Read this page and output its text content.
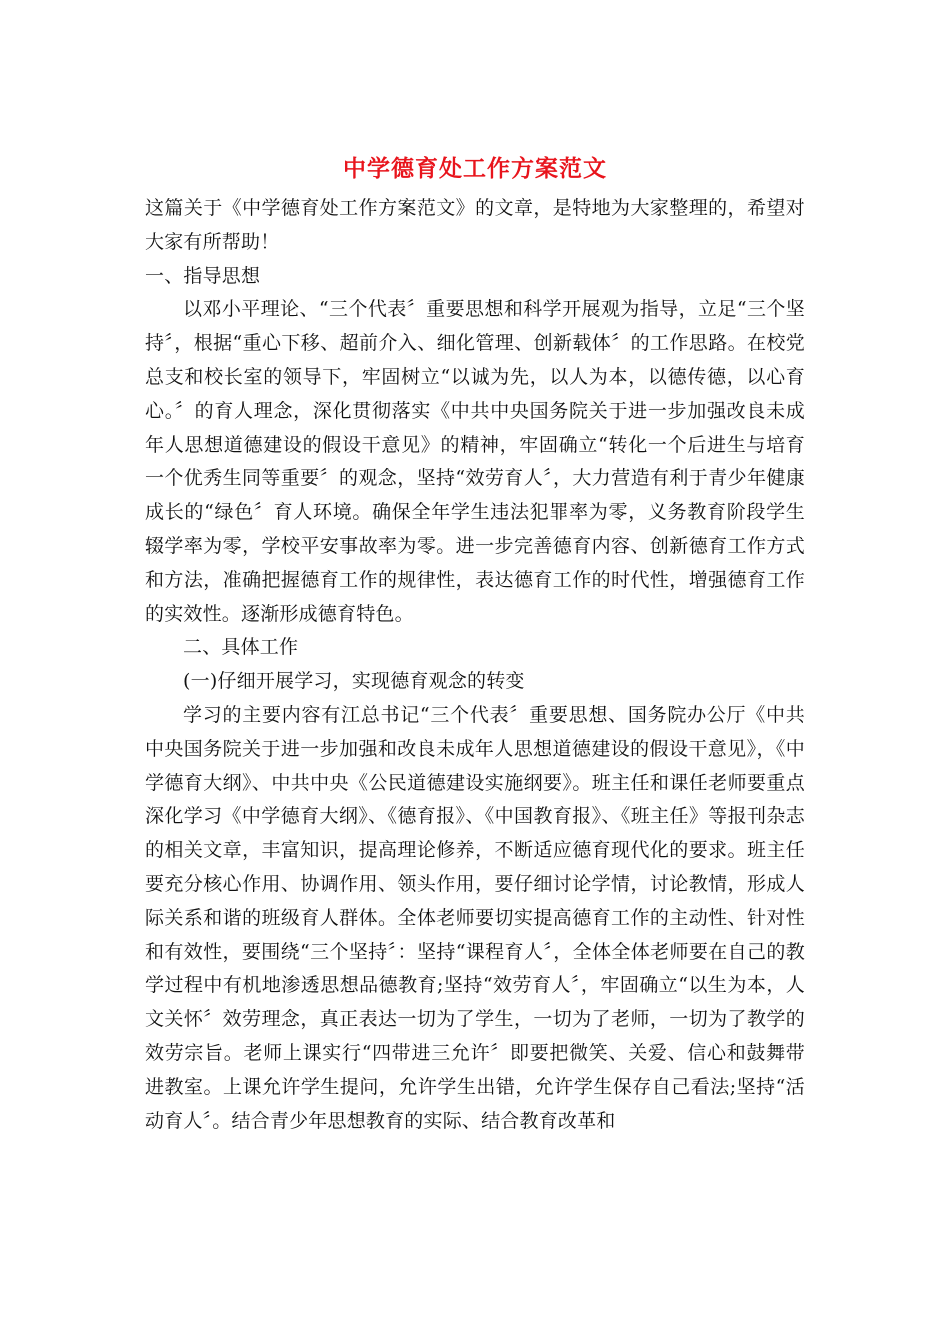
中学德育处工作方案范文

这篇关于《中学德育处工作方案范文》的文章，是特地为大家整理的，希望对大家有所帮助！

一、指导思想

以邓小平理论、“三个代表〞重要思想和科学开展观为指导，立足“三个坚持〞，根据“重心下移、超前介入、细化管理、创新载体〞的工作思路。在校党总支和校长室的领导下，牢固树立“以诚为先，以人为本，以德传德，以心育心。〞的育人理念，深化贯彻落实《中共中央国务院关于进一步加强改良未成年人思想道德建设的假设干意见》的精神，牢固确立“转化一个后进生与培育一个优秀生同等重要〞的观念，坚持“效劳育人〞，大力营造有利于青少年健康成长的“绿色〞育人环境。确保全年学生违法犯罪率为零，义务教育阶段学生辍学率为零，学校平安事故率为零。进一步完善德育内容、创新德育工作方式和方法，准确把握德育工作的规律性，表达德育工作的时代性，增强德育工作的实效性。逐渐形成德育特色。

二、具体工作

(一)仔细开展学习，实现德育观念的转变

学习的主要内容有江总书记“三个代表〞重要思想、国务院办公厅《中共中央国务院关于进一步加强和改良未成年人思想道德建设的假设干意见》，《中学德育大纲》、中共中央《公民道德建设实施纲要》。班主任和课任老师要重点深化学习《中学德育大纲》、《德育报》、《中国教育报》、《班主任》等报刊杂志的相关文章，丰富知识，提高理论修养，不断适应德育现代化的要求。班主任要充分核心作用、协调作用、领头作用，要仔细讨论学情，讨论教情，形成人际关系和谐的班级育人群体。全体老师要切实提高德育工作的主动性、针对性和有效性，要围绕“三个坚持〞：坚持“课程育人〞，全体全体老师要在自己的教学过程中有机地渗透思想品德教育;坚持“效劳育人〞，牢固确立“以生为本，人文关怀〞效劳理念，真正表达一切为了学生，一切为了老师，一切为了教学的效劳宗旨。老师上课实行“四带进三允许〞即要把微笑、关爱、信心和鼓舞带进教室。上课允许学生提问，允许学生出错，允许学生保存自己看法;坚持“活动育人〞。结合青少年思想教育的实际、结合教育改革和
